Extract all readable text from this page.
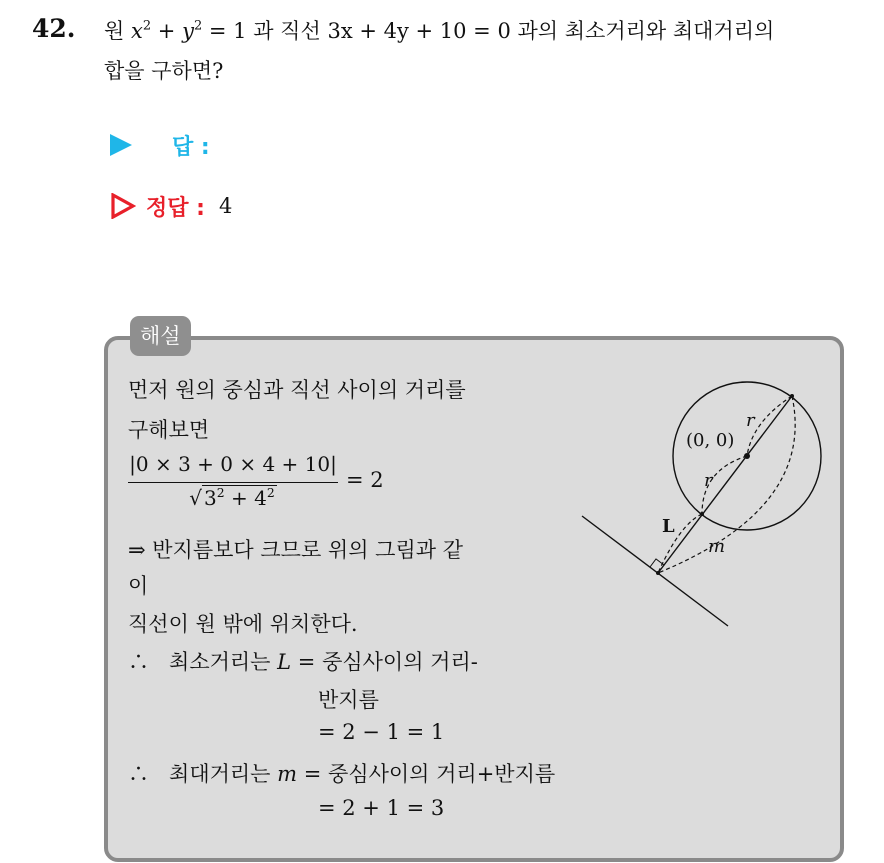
42. 원 $x^2 + y^2 = 1$ 과 직선 3x + 4y + 10 = 0 과의 최소거리와 최대거리의
합을 구하면?
답 :
정답 : 4
해설
먼저 원의 중심과 직선 사이의 거리를
구해보면
|0 × 3 + 0 × 4 + 10|
√ $3^2 + 4^2$
= 2
⇒ 반지름보다 크므로 위의 그림과 같
이
직선이 원 밖에 위치한다.
∴ 최소거리는 L = 중심사이의 거리-
반지름
= 2 − 1 = 1
∴ 최대거리는 m = 중심사이의 거리+반지름
= 2 + 1 = 3
(0, 0)
r
r
L
m
